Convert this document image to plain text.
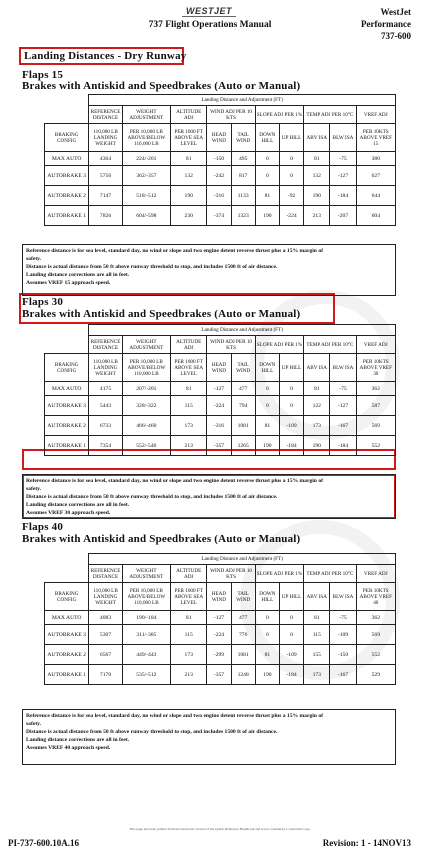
WESTJET
737 Flight Operations Manual
WestJet
Performance
737-600
Landing Distances - Dry Runway
Flaps 15
Brakes with Antiskid and Speedbrakes (Auto or Manual)
	Landing Distance and Adjustment (FT)									
	REFERENCE DISTANCE	WEIGHT ADJUSTMENT	ALTITUDE ADJ	WIND ADJ PER 10 KTS		SLOPE ADJ PER 1%		TEMP ADJ PER 10°C		VREF ADJ
BRAKING CONFIG	110,000 LB LANDING WEIGHT	PER 10,000 LB ABOVE/BELOW 110,000 LB	PER 1000 FT ABOVE SEA LEVEL	HEAD WIND	TAIL WIND	DOWN HILL	UP HILL	ABV ISA	BLW ISA	PER 10KTS ABOVE VREF 15
MAX AUTO	4364	224/-201	81	-150	495	0	0	81	-75	380
AUTOBRAKE 3	5756	362/-357	132	-242	817	0	0	132	-127	627
AUTOBRAKE 2	7147	518/-512	190	-316	1133	81	-92	190	-184	644
AUTOBRAKE 1	7826	604/-598	230	-374	1323	190	-224	213	-207	604
Reference distance is for sea level, standard day, no wind or slope and two engine detent reverse thrust plus a 15% margin of
safety.
Distance is actual distance from 50 ft above runway threshold to stop, and includes 1500 ft of air distance.
Landing distance corrections are all in feet.
Assumes VREF 15 approach speed.
Flaps 30
Brakes with Antiskid and Speedbrakes (Auto or Manual)
	Landing Distance and Adjustment (FT)									
	REFERENCE DISTANCE	WEIGHT ADJUSTMENT	ALTITUDE ADJ	WIND ADJ PER 10 KTS		SLOPE ADJ PER 1%		TEMP ADJ PER 10°C		VREF ADJ
BRAKING CONFIG	110,000 LB LANDING WEIGHT	PER 10,000 LB ABOVE/BELOW 110,000 LB	PER 1000 FT ABOVE SEA LEVEL	HEAD WIND	TAIL WIND	DOWN HILL	UP HILL	ABV ISA	BLW ISA	PER 10KTS ABOVE VREF 30
MAX AUTO	4175	207/-201	81	-127	477	0	0	81	-75	362
AUTOBRAKE 3	5443	328/-322	115	-224	794	0	0	122	-127	587
AUTOBRAKE 2	6733	466/-460	173	-316	1081	81	-109	173	-167	569
AUTOBRAKE 1	7354	552/-546	213	-357	1265	190	-184	190	-184	552
Reference distance is for sea level, standard day, no wind or slope and two engine detent reverse thrust plus a 15% margin of
safety.
Distance is actual distance from 50 ft above runway threshold to stop, and includes 1500 ft of air distance.
Landing distance corrections are all in feet.
Assumes VREF 30 approach speed.
Flaps 40
Brakes with Antiskid and Speedbrakes (Auto or Manual)
	Landing Distance and Adjustment (FT)									
	REFERENCE DISTANCE	WEIGHT ADJUSTMENT	ALTITUDE ADJ	WIND ADJ PER 10 KTS		SLOPE ADJ PER 1%		TEMP ADJ PER 10°C		VREF ADJ
BRAKING CONFIG	110,000 LB LANDING WEIGHT	PER 10,000 LB ABOVE/BELOW 110,000 LB	PER 1000 FT ABOVE SEA LEVEL	HEAD WIND	TAIL WIND	DOWN HILL	UP HILL	ABV ISA	BLW ISA	PER 10KTS ABOVE VREF 40
MAX AUTO	4083	190/-184	81	-127	477	0	0	81	-75	362
AUTOBRAKE 3	5307	311/-305	115	-224	776	0	0	115	-109	569
AUTOBRAKE 2	6567	449/-443	173	-299	1081	81	-109	155	-150	552
AUTOBRAKE 1	7170	535/-512	213	-357	1248	190	-184	173	-167	529
Reference distance is for sea level, standard day, no wind or slope and two engine detent reverse thrust plus a 15% margin of
safety.
Distance is actual distance from 50 ft above runway threshold to stop, and includes 1500 ft of air distance.
Landing distance corrections are all in feet.
Assumes VREF 40 approach speed.
This page has been printed from the electronic version of the Quick Reference Handbook and is not considered a controlled copy.
PI-737-600.10A.16	Revision: 1 - 14NOV13
